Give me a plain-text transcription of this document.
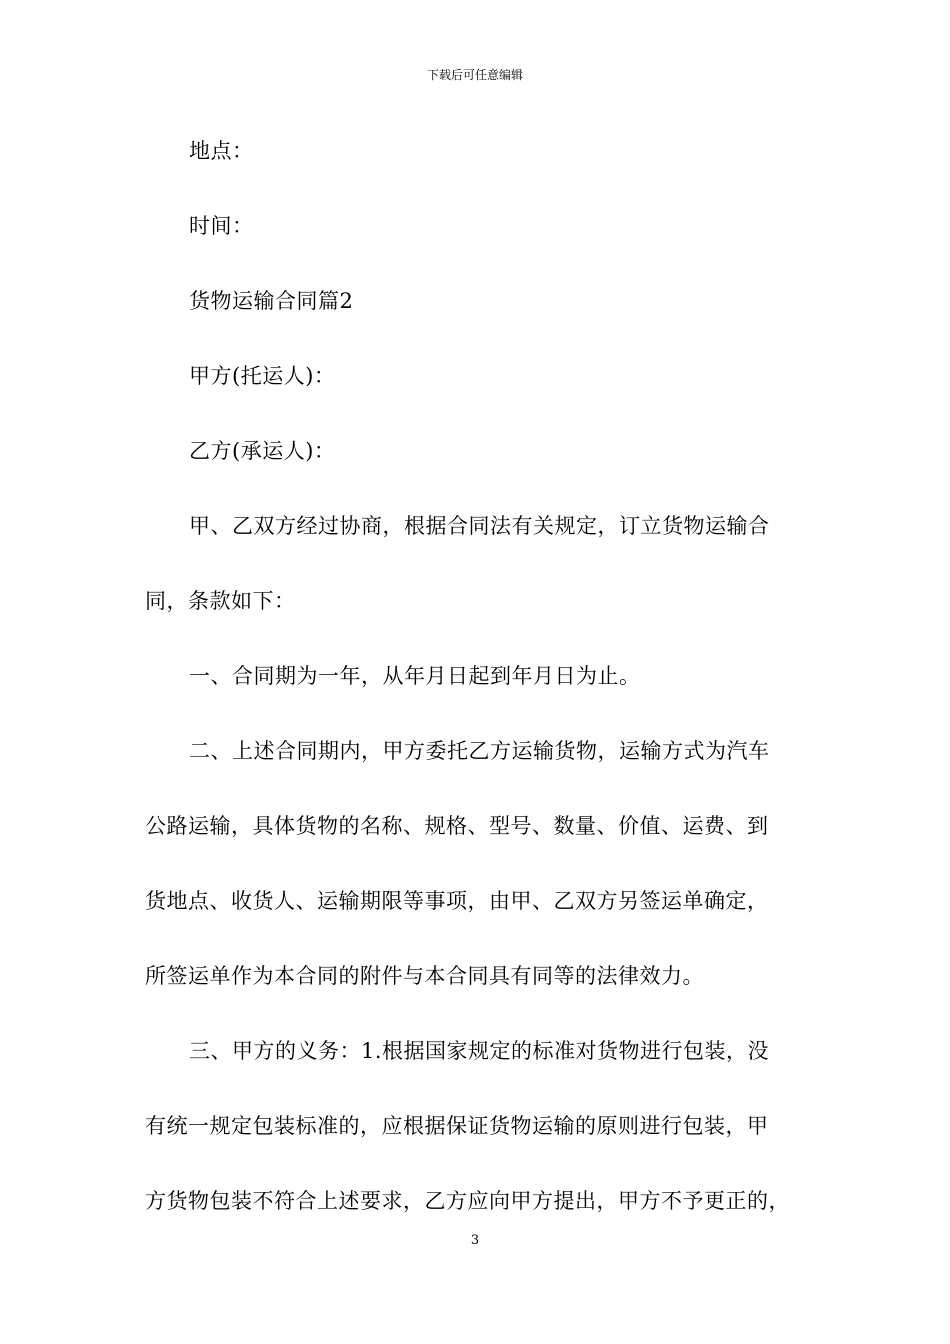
下载后可任意编辑
地点：
时间：
货物运输合同篇2
甲方(托运人)：
乙方(承运人)：
甲、乙双方经过协商，根据合同法有关规定，订立货物运输合
同，条款如下：
一、合同期为一年，从年月日起到年月日为止。
二、上述合同期内，甲方委托乙方运输货物，运输方式为汽车
公路运输，具体货物的名称、规格、型号、数量、价值、运费、到
货地点、收货人、运输期限等事项，由甲、乙双方另签运单确定，
所签运单作为本合同的附件与本合同具有同等的法律效力。
三、甲方的义务：1.根据国家规定的标准对货物进行包装，没
有统一规定包装标准的，应根据保证货物运输的原则进行包装，甲
方货物包装不符合上述要求，乙方应向甲方提出，甲方不予更正的，
3
